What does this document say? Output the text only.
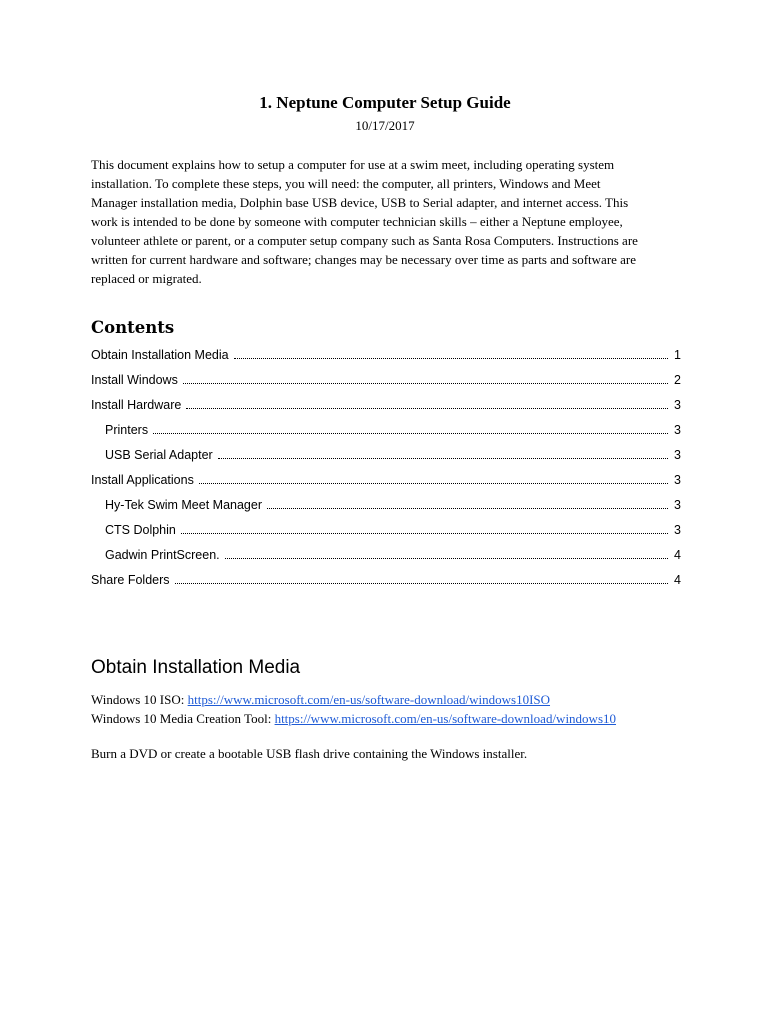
1. Neptune Computer Setup Guide

10/17/2017

This document explains how to setup a computer for use at a swim meet, including operating system
installation. To complete these steps, you will need: the computer, all printers, Windows and Meet
Manager installation media, Dolphin base USB device, USB to Serial adapter, and internet access. This
work is intended to be done by someone with computer technician skills – either a Neptune employee,
volunteer athlete or parent, or a computer setup company such as Santa Rosa Computers. Instructions are
written for current hardware and software; changes may be necessary over time as parts and software are
replaced or migrated.
Contents
Obtain Installation Media	1
Install Windows	2
Install Hardware	3
Printers	3
USB Serial Adapter	3
Install Applications	3
Hy-Tek Swim Meet Manager	3
CTS Dolphin	3
Gadwin PrintScreen.	4
Share Folders	4
Obtain Installation Media
Windows 10 ISO: https://www.microsoft.com/en-us/software-download/windows10ISO
Windows 10 Media Creation Tool: https://www.microsoft.com/en-us/software-download/windows10

Burn a DVD or create a bootable USB flash drive containing the Windows installer.
